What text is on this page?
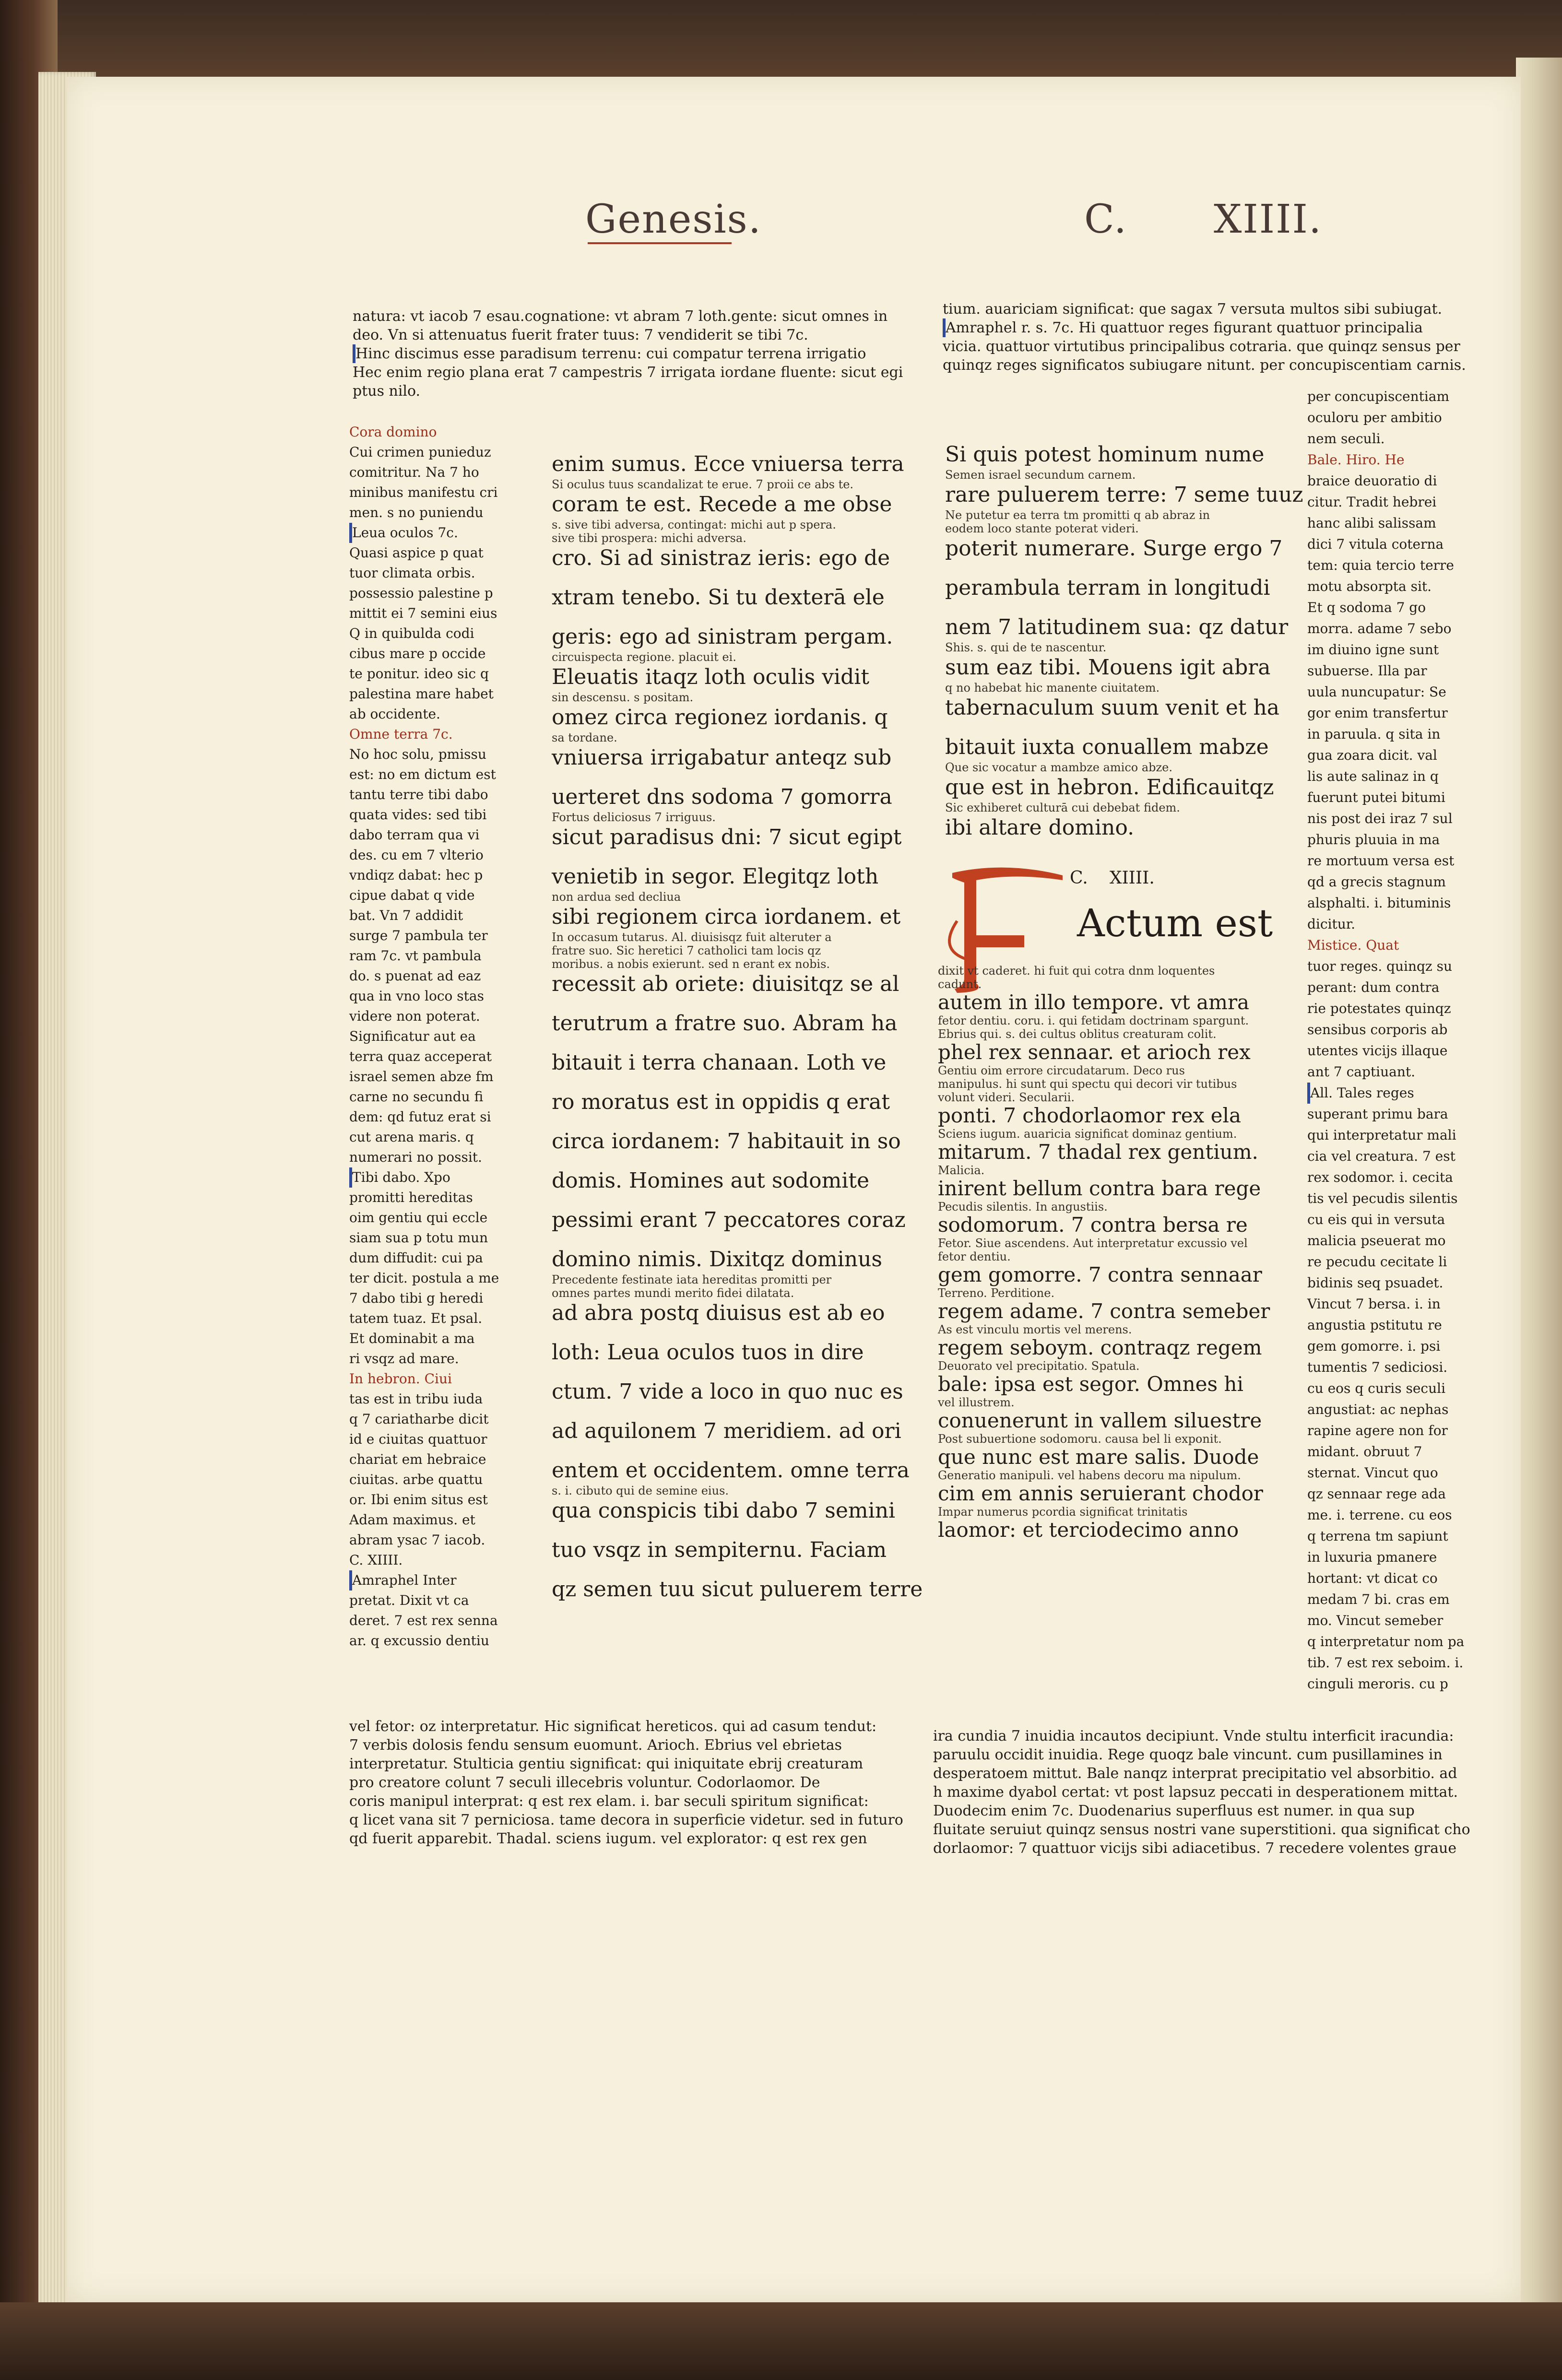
Genesis.	C. XIIII.
natura: vt iacob 7 esau.cognatione: vt abram 7 loth.gente: sicut omnes in
deo. Vn si attenuatus fuerit frater tuus: 7 vendiderit se tibi 7c.
Hinc discimus esse paradisum terrenu: cui compatur terrena irrigatio
Hec enim regio plana erat 7 campestris 7 irrigata iordane fluente: sicut egi
ptus nilo.
Cora domino
Cui crimen punieduz
comitritur. Na 7 ho
minibus manifestu cri
men. s no puniendu
Leua oculos 7c.
Quasi aspice p quat
tuor climata orbis.
possessio palestine p
mittit ei 7 semini eius
Q in quibulda codi
cibus mare p occide
te ponitur. ideo sic q
palestina mare habet
ab occidente.
Omne terra 7c.
No hoc solu, pmissu
est: no em dictum est
tantu terre tibi dabo
quata vides: sed tibi
dabo terram qua vi
des. cu em 7 vlterio
vndiqz dabat: hec p
cipue dabat q vide
bat. Vn 7 addidit
surge 7 pambula ter
ram 7c. vt pambula
do. s puenat ad eaz
qua in vno loco stas
videre non poterat.
Significatur aut ea
terra quaz acceperat
israel semen abze fm
carne no secundu fi
dem: qd futuz erat si
cut arena maris. q
numerari no possit.
Tibi dabo. Xpo
promitti hereditas
oim gentiu qui eccle
siam sua p totu mun
dum diffudit: cui pa
ter dicit. postula a me
7 dabo tibi g heredi
tatem tuaz. Et psal.
Et dominabit a ma
ri vsqz ad mare.
In hebron. Ciui
tas est in tribu iuda
q 7 cariatharbe dicit
id e ciuitas quattuor
chariat em hebraice
ciuitas. arbe quattu
or. Ibi enim situs est
Adam maximus. et
abram ysac 7 iacob.
C. XIIII.
Amraphel Inter
pretat. Dixit vt ca
deret. 7 est rex senna
ar. q excussio dentiu
enim sumus. Ecce vniuersa terra
Si oculus tuus scandalizat te erue. 7 proii ce abs te.
coram te est. Recede a me obse
s. sive tibi adversa, contingat: michi aut p spera. sive tibi prospera: michi adversa.
cro. Si ad sinistraz ieris: ego de
xtram tenebo. Si tu dexterā ele
geris: ego ad sinistram pergam.
circuispecta regione. placuit ei.
Eleuatis itaqz loth oculis vidit
sin descensu. s positam.
omez circa regionez iordanis. q
sa tordane.
vniuersa irrigabatur anteqz sub
uerteret dns sodoma 7 gomorra
Fortus deliciosus 7 irriguus.
sicut paradisus dni: 7 sicut egipt
venietib in segor. Elegitqz loth
non ardua sed decliua
sibi regionem circa iordanem. et
In occasum tutarus. Al. diuisisqz fuit alteruter a fratre suo. Sic heretici 7 catholici tam locis qz moribus. a nobis exierunt. sed n erant ex nobis.
recessit ab oriete: diuisitqz se al
terutrum a fratre suo. Abram ha
bitauit i terra chanaan. Loth ve
ro moratus est in oppidis q erat
circa iordanem: 7 habitauit in so
domis. Homines aut sodomite
pessimi erant 7 peccatores coraz
domino nimis. Dixitqz dominus
Precedente festinate iata hereditas promitti per omnes partes mundi merito fidei dilatata.
ad abra postq diuisus est ab eo
loth: Leua oculos tuos in dire
ctum. 7 vide a loco in quo nuc es
ad aquilonem 7 meridiem. ad ori
entem et occidentem. omne terra
s. i. cibuto qui de semine eius.
qua conspicis tibi dabo 7 semini
tuo vsqz in sempiternu. Faciam
qz semen tuu sicut puluerem terre
vel fetor: oz interpretatur. Hic significat hereticos. qui ad casum tendut:
7 verbis dolosis fendu sensum euomunt. Arioch. Ebrius vel ebrietas
interpretatur. Stulticia gentiu significat: qui iniquitate ebrij creaturam
pro creatore colunt 7 seculi illecebris voluntur. Codorlaomor. De
coris manipul interprat: q est rex elam. i. bar seculi spiritum significat:
q licet vana sit 7 perniciosa. tame decora in superficie videtur. sed in futuro
qd fuerit apparebit. Thadal. sciens iugum. vel explorator: q est rex gen
tium. auariciam significat: que sagax 7 versuta multos sibi subiugat.
Amraphel r. s. 7c. Hi quattuor reges figurant quattuor principalia
vicia. quattuor virtutibus principalibus cotraria. que quinqz sensus per
quinqz reges significatos subiugare nitunt. per concupiscentiam carnis.
Si quis potest hominum nume
Semen israel secundum carnem.
rare puluerem terre: 7 seme tuuz
Ne putetur ea terra tm promitti q ab abraz in eodem loco stante poterat videri.
poterit numerare. Surge ergo 7
perambula terram in longitudi
nem 7 latitudinem sua: qz datur
Shis. s. qui de te nascentur.
sum eaz tibi. Mouens igit abra
q no habebat hic manente ciuitatem.
tabernaculum suum venit et ha
bitauit iuxta conuallem mabze
Que sic vocatur a mambze amico abze.
que est in hebron. Edificauitqz
Sic exhiberet culturā cui debebat fidem.
ibi altare domino.
C. XIIII.
Actum est
dixit vt caderet. hi fuit qui cotra dnm loquentes cadunt.
autem in illo tempore. vt amra
fetor dentiu. coru. i. qui fetidam doctrinam spargunt. Ebrius qui. s. dei cultus oblitus creaturam colit.
phel rex sennaar. et arioch rex
Gentiu oim errore circudatarum. Deco rus manipulus. hi sunt qui spectu qui decori vir tutibus volunt videri. Secularii.
ponti. 7 chodorlaomor rex ela
Sciens iugum. auaricia significat dominaz gentium.
mitarum. 7 thadal rex gentium.
Malicia.
inirent bellum contra bara rege
Pecudis silentis. In angustiis.
sodomorum. 7 contra bersa re
Fetor. Siue ascendens. Aut interpretatur excussio vel fetor dentiu.
gem gomorre. 7 contra sennaar
Terreno. Perditione.
regem adame. 7 contra semeber
As est vinculu mortis vel merens.
regem seboym. contraqz regem
Deuorato vel precipitatio. Spatula.
bale: ipsa est segor. Omnes hi
vel illustrem.
conuenerunt in vallem siluestre
Post subuertione sodomoru. causa bel li exponit.
que nunc est mare salis. Duode
Generatio manipuli. vel habens decoru ma nipulum.
cim em annis seruierant chodor
Impar numerus pcordia significat trinitatis
laomor: et terciodecimo anno
per concupiscentiam
oculoru per ambitio
nem seculi.
Bale. Hiro. He
braice deuoratio di
citur. Tradit hebrei
hanc alibi salissam
dici 7 vitula coterna
tem: quia tercio terre
motu absorpta sit.
Et q sodoma 7 go
morra. adame 7 sebo
im diuino igne sunt
subuerse. Illa par
uula nuncupatur: Se
gor enim transfertur
in paruula. q sita in
gua zoara dicit. val
lis aute salinaz in q
fuerunt putei bitumi
nis post dei iraz 7 sul
phuris pluuia in ma
re mortuum versa est
qd a grecis stagnum
alsphalti. i. bituminis
dicitur.
Mistice. Quat
tuor reges. quinqz su
perant: dum contra
rie potestates quinqz
sensibus corporis ab
utentes vicijs illaque
ant 7 captiuant.
All. Tales reges
superant primu bara
qui interpretatur mali
cia vel creatura. 7 est
rex sodomor. i. cecita
tis vel pecudis silentis
cu eis qui in versuta
malicia pseuerat mo
re pecudu cecitate li
bidinis seq psuadet.
Vincut 7 bersa. i. in
angustia pstitutu re
gem gomorre. i. psi
tumentis 7 sediciosi.
cu eos q curis seculi
angustiat: ac nephas
rapine agere non for
midant. obruut 7
sternat. Vincut quo
qz sennaar rege ada
me. i. terrene. cu eos
q terrena tm sapiunt
in luxuria pmanere
hortant: vt dicat co
medam 7 bi. cras em
mo. Vincut semeber
q interpretatur nom pa
tib. 7 est rex seboim. i.
cinguli meroris. cu p
ira cundia 7 inuidia incautos decipiunt. Vnde stultu interficit iracundia:
paruulu occidit inuidia. Rege quoqz bale vincunt. cum pusillamines in
desperatoem mittut. Bale nanqz interprat precipitatio vel absorbitio. ad
h maxime dyabol certat: vt post lapsuz peccati in desperationem mittat.
Duodecim enim 7c. Duodenarius superfluus est numer. in qua sup
fluitate seruiut quinqz sensus nostri vane superstitioni. qua significat cho
dorlaomor: 7 quattuor vicijs sibi adiacetibus. 7 recedere volentes graue
